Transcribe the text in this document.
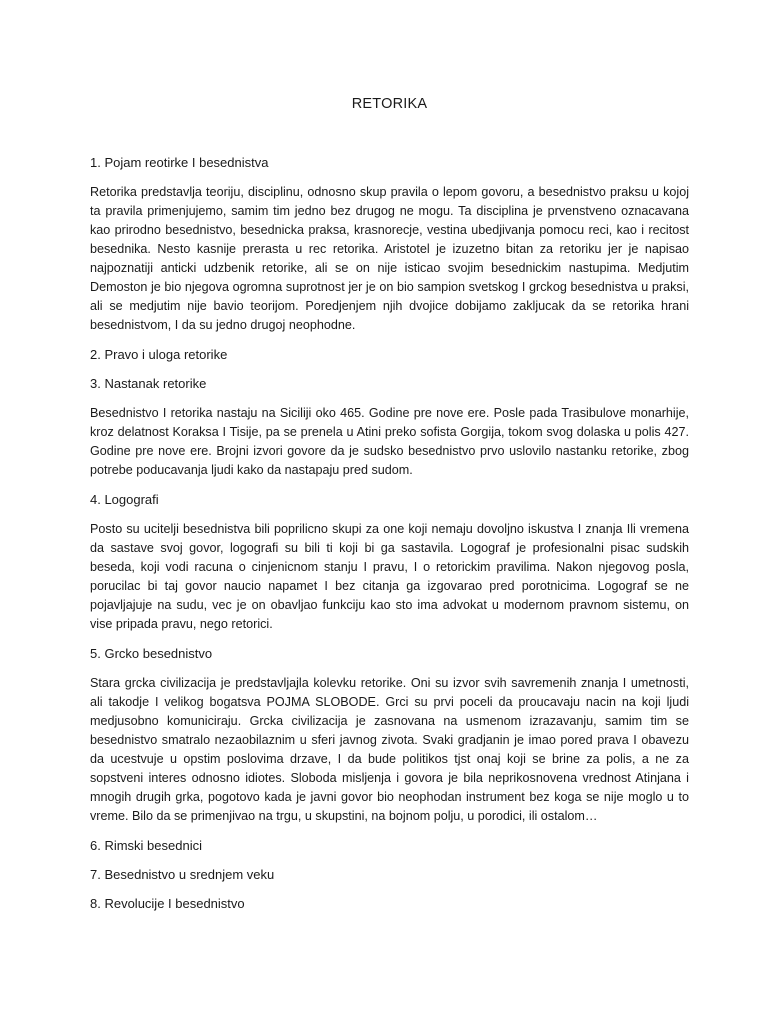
RETORIKA

1. Pojam reotirke I besednistva

Retorika predstavlja teoriju, disciplinu, odnosno skup pravila o lepom govoru, a besednistvo praksu u kojoj ta pravila primenjujemo, samim tim jedno bez drugog ne mogu. Ta disciplina je prvenstveno oznacavana kao prirodno besednistvo, besednicka praksa, krasnorecje, vestina ubedjivanja pomocu reci, kao i recitost besednika. Nesto kasnije prerasta u rec retorika. Aristotel je izuzetno bitan za retoriku jer je napisao najpoznatiji anticki udzbenik retorike, ali se on nije isticao svojim besednickim nastupima. Medjutim Demoston je bio njegova ogromna suprotnost jer je on bio sampion svetskog I grckog besednistva u praksi, ali se medjutim nije bavio teorijom. Poredjenjem njih dvojice dobijamo zakljucak da se retorika hrani besednistvom, I da su jedno drugoj neophodne.

2. Pravo i uloga retorike

3. Nastanak retorike

Besednistvo I retorika nastaju na Siciliji oko 465. Godine pre nove ere. Posle pada Trasibulove monarhije, kroz delatnost Koraksa I Tisije, pa se prenela u Atini preko sofista Gorgija, tokom svog dolaska u polis 427. Godine pre nove ere. Brojni izvori govore da je sudsko besednistvo prvo uslovilo nastanku retorike, zbog potrebe poducavanja ljudi kako da nastapaju pred sudom.

4. Logografi

Posto su ucitelji besednistva bili poprilicno skupi za one koji nemaju dovoljno iskustva I znanja Ili vremena da sastave svoj govor, logografi su bili ti koji bi ga sastavila. Logograf je profesionalni pisac sudskih beseda, koji vodi racuna o cinjenicnom stanju I pravu, I o retorickim pravilima. Nakon njegovog posla, porucilac bi taj govor naucio napamet I bez citanja ga izgovarao pred porotnicima. Logograf se ne pojavljajuje na sudu, vec je on obavljao funkciju kao sto ima advokat u modernom pravnom sistemu, on vise pripada pravu, nego retorici.

5. Grcko besednistvo

Stara grcka civilizacija je predstavljajla kolevku retorike. Oni su izvor svih savremenih znanja I umetnosti, ali takodje I velikog bogatsva POJMA SLOBODE. Grci su prvi poceli da proucavaju nacin na koji ljudi medjusobno komuniciraju. Grcka civilizacija je zasnovana na usmenom izrazavanju, samim tim se besednistvo smatralo nezaobilaznim u sferi javnog zivota. Svaki gradjanin je imao pored prava I obavezu da ucestvuje u opstim poslovima drzave, I da bude politikos tjst onaj koji se brine za polis, a ne za sopstveni interes odnosno idiotes. Sloboda misljenja i govora je bila neprikosnovena vrednost Atinjana i mnogih drugih grka, pogotovo kada je javni govor bio neophodan instrument bez koga se nije moglo u to vreme. Bilo da se primenjivao na trgu, u skupstini, na bojnom polju, u porodici, ili ostalom…

6. Rimski besednici

7. Besednistvo u srednjem veku

8. Revolucije I besednistvo
